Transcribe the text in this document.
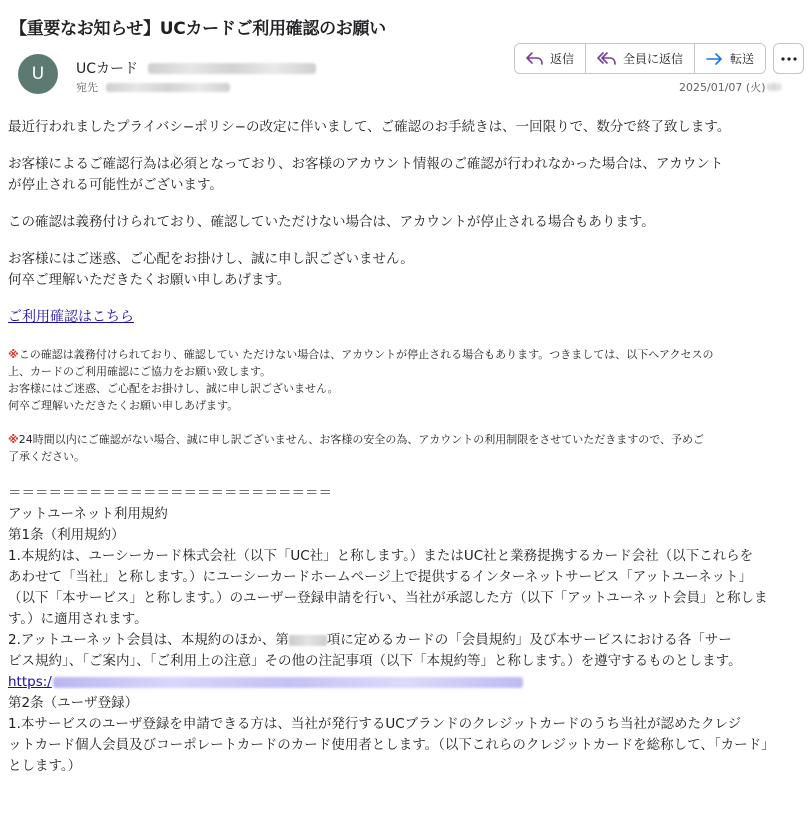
【重要なお知らせ】UCカードご利用確認のお願い
U UCカード
宛先
返信	全員に返信	転送
2025/01/07 (火)
最近行われましたプライバシ−ポリシ−の改定に伴いまして、ご確認のお手続きは、一回限りで、数分で終了致します。
お客様によるご確認行為は必須となっており、お客様のアカウント情報のご確認が行われなかった場合は、アカウント
が停止される可能性がございます。
この確認は義務付けられており、確認していただけない場合は、アカウントが停止される場合もあります。
お客様にはご迷惑、ご心配をお掛けし、誠に申し訳ございません。
何卒ご理解いただきたくお願い申しあげます。
ご利用確認はこちら
※この確認は義務付けられており、確認してい ただけない場合は、アカウントが停止される場合もあります。つきましては、以下へアクセスの
上、カードのご利用確認にご協力をお願い致します。
お客様にはご迷惑、ご心配をお掛けし、誠に申し訳ございません。
何卒ご理解いただきたくお願い申しあげます。
※24時間以内にご確認がない場合、誠に申し訳ございません、お客様の安全の為、アカウントの利用制限をさせていただきますので、予めご
了承ください。
＝＝＝＝＝＝＝＝＝＝＝＝＝＝＝＝＝＝＝＝＝＝＝＝
アットユーネット利用規約
第1条（利用規約）
1.本規約は、ユーシーカード株式会社（以下「UC社」と称します。）またはUC社と業務提携するカード会社（以下これらを
あわせて「当社」と称します。）にユーシーカードホームページ上で提供するインターネットサービス「アットユーネット」
（以下「本サービス」と称します。）のユーザー登録申請を行い、当社が承認した方（以下「アットユーネット会員」と称しま
す。）に適用されます。
2.アットユーネット会員は、本規約のほか、第	項に定めるカードの「会員規約」及び本サービスにおける各「サー
ビス規約」、「ご案内」、「ご利用上の注意」その他の注記事項（以下「本規約等」と称します。）を遵守するものとします。
https:/
第2条（ユーザ登録）
1.本サービスのユーザ登録を申請できる方は、当社が発行するUCブランドのクレジットカードのうち当社が認めたクレジ
ットカード個人会員及びコーポレートカードのカード使用者とします。（以下これらのクレジットカードを総称して、「カード」
とします。）
